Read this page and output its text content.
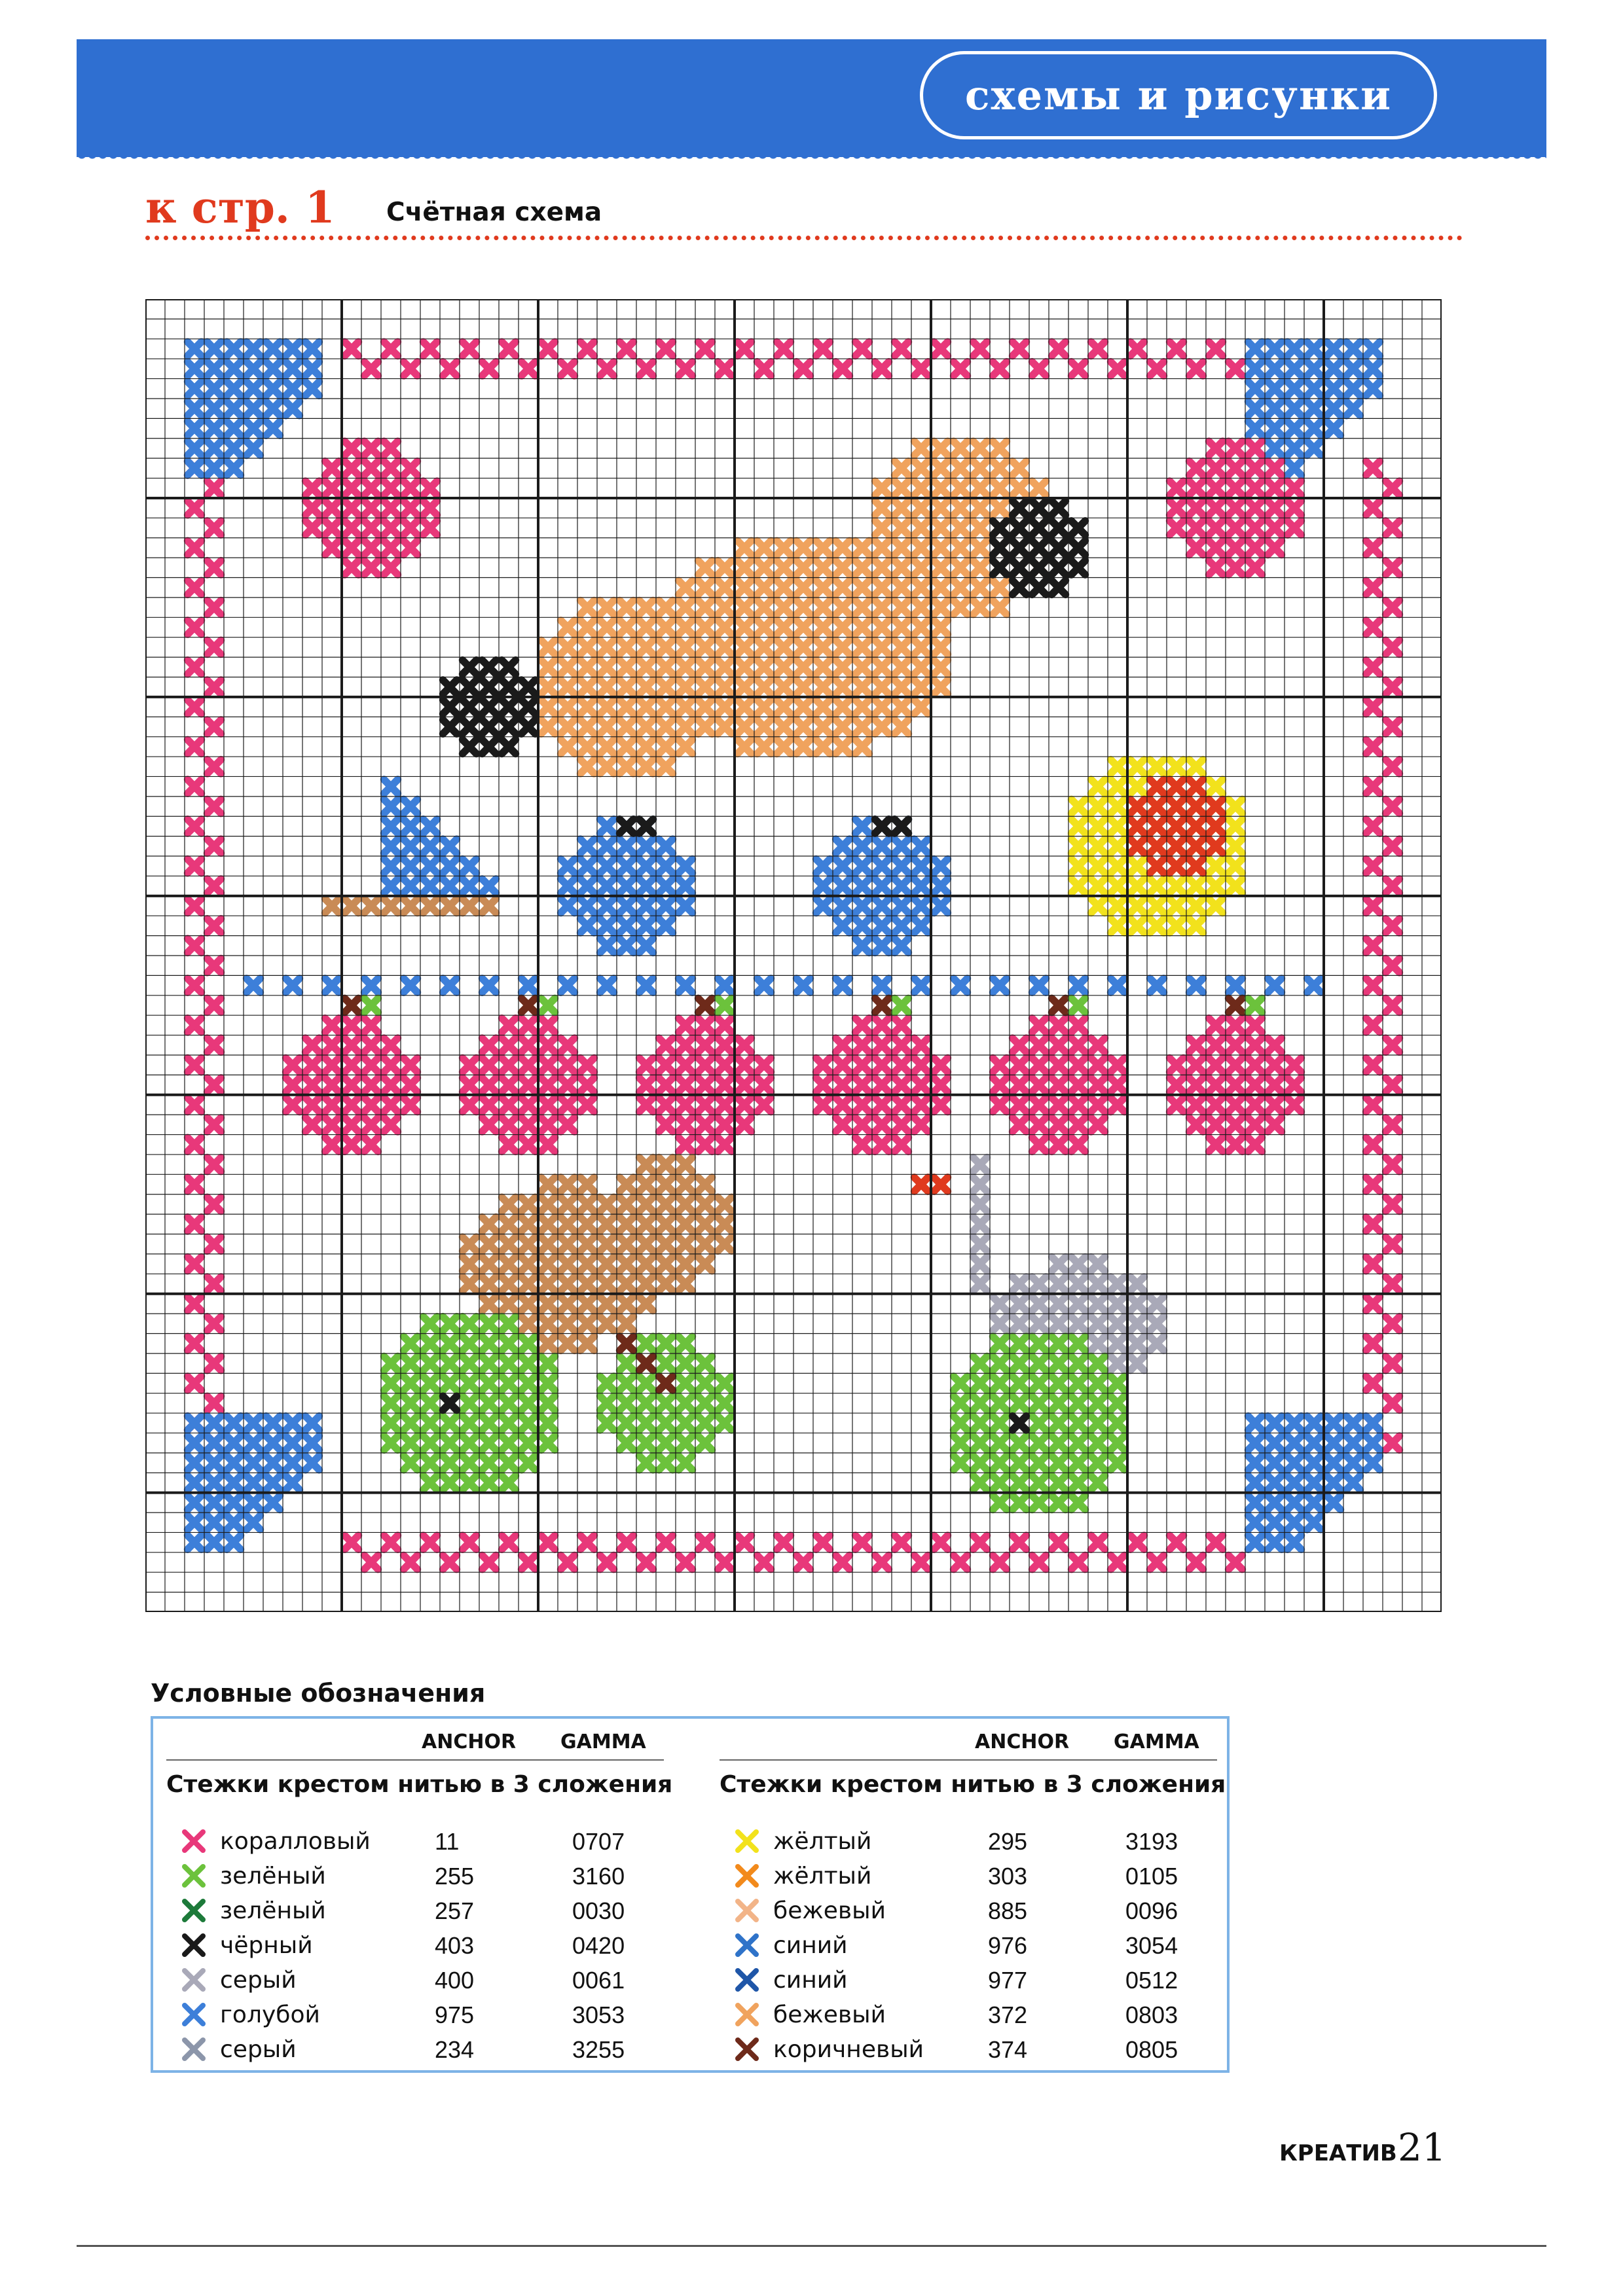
схемы и рисунки
к стр. 1 Счётная схема
Условные обозначения
ANCHOR GAMMA
Стежки крестом нитью в 3 сложения
коралловый	11	0707
зелёный	255	3160
зелёный	257	0030
чёрный	403	0420
серый	400	0061
голубой	975	3053
серый	234	3255
ANCHOR GAMMA
Стежки крестом нитью в 3 сложения
жёлтый	295	3193
жёлтый	303	0105
бежевый	885	0096
синий	976	3054
синий	977	0512
бежевый	372	0803
коричневый	374	0805
КРЕАТИВ 21
